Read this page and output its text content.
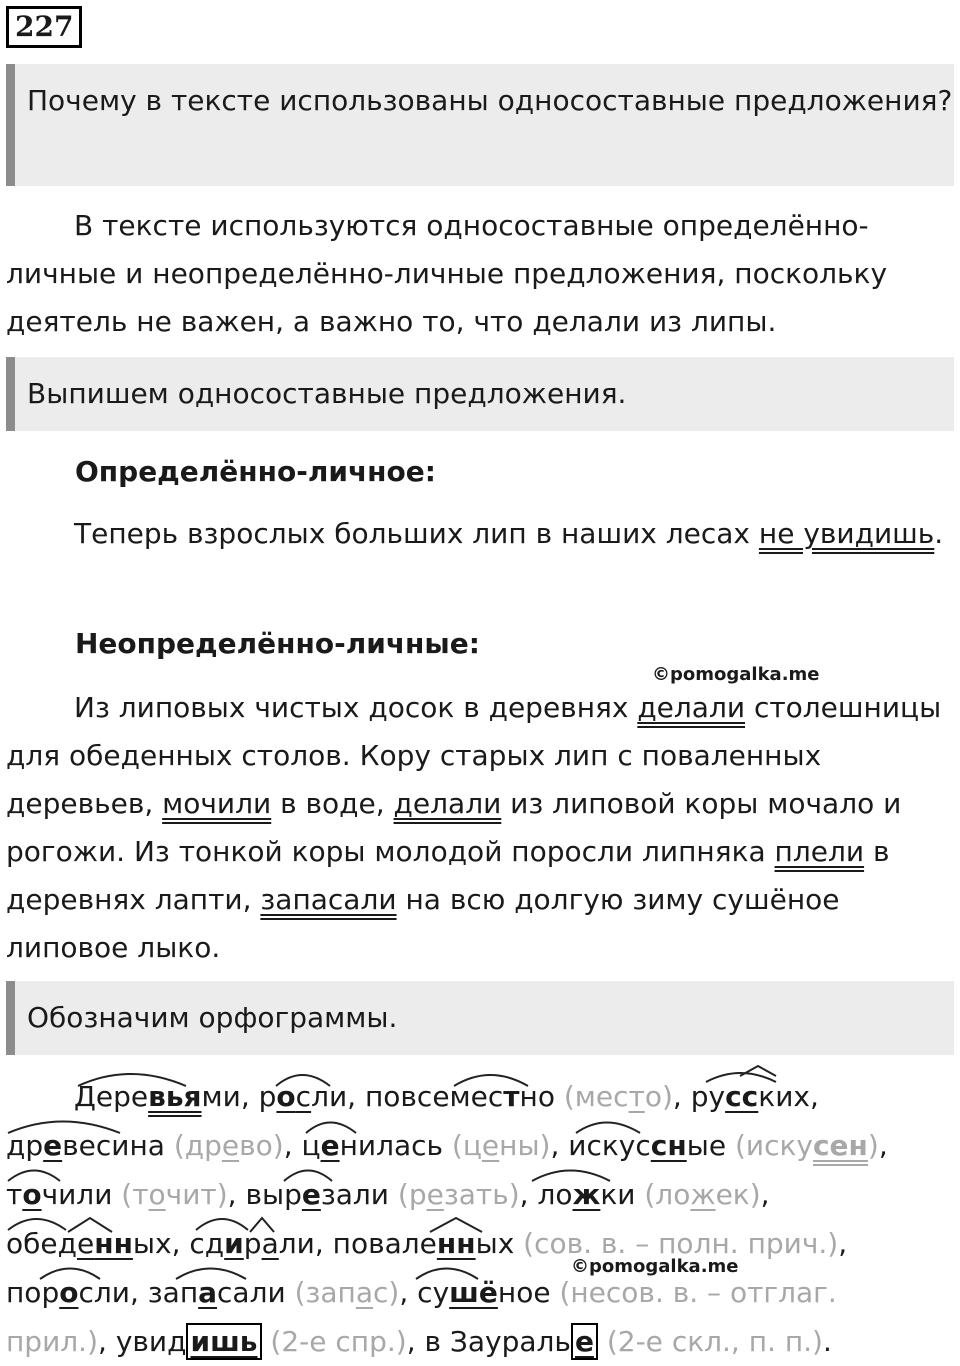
227
Почему в тексте использованы односоставные предложения?

В тексте используются односоставные определённо-личные и неопределённо-личные предложения, поскольку деятель не важен, а важно то, что делали из липы.

Выпишем односоставные предложения.
Определённо-личное:

Теперь взрослых больших лип в наших лесах не увидишь.

Неопределённо-личные:
©pomogalka.me

Из липовых чистых досок в деревнях делали столешницы для обеденных столов. Кору старых лип с поваленных деревьев, мочили в воде, делали из липовой коры мочало и рогожи. Из тонкой коры молодой поросли липняка плели в деревнях лапти, запасали на всю долгую зиму сушёное липовое лыко.

Обозначим орфограммы.
©pomogalka.me
Деревьями, росли, повсеместно (место), русских,
древесина (древо), ценилась (цены), искуссные (искусен),
точили (точит), вырезали (резать), ложки (ложек),
обеденных, сдирали, поваленных (сов. в. – полн. прич.),
поросли, запасали (запас), сушёное (несов. в. – отглаг.
прил.), увид ишь (2-е спр.), в Заураль е (2-е скл., п. п.).
